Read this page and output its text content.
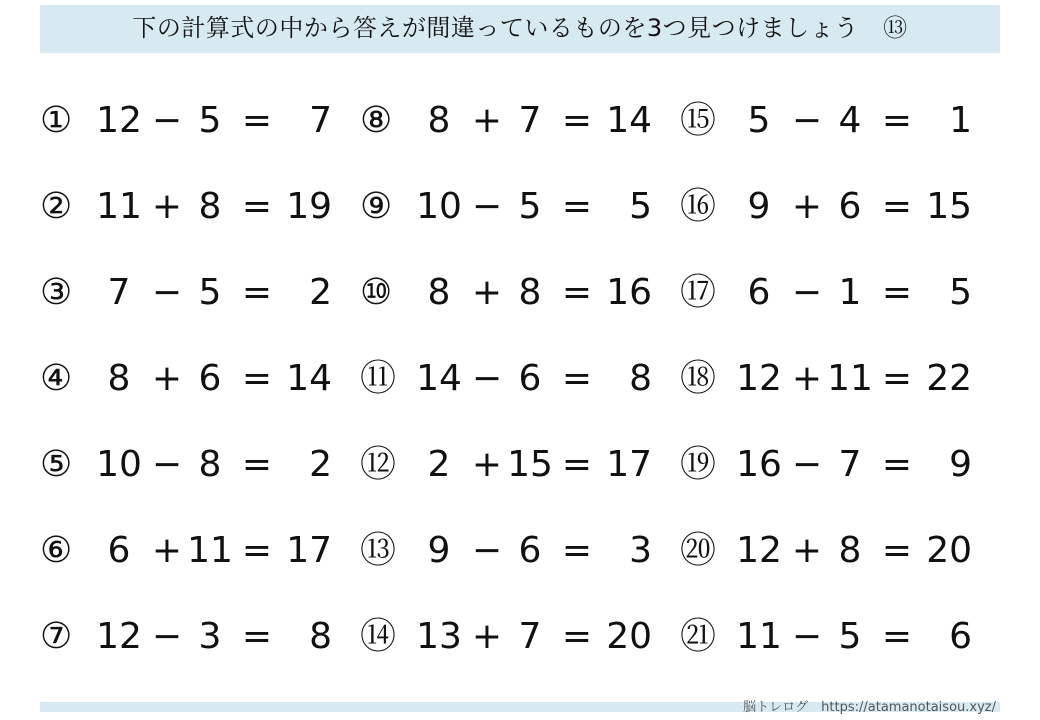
下の計算式の中から答えが間違っているものを3つ見つけましょう　⑬
① 12 − 5 =	7 ⑧ 8 + 7 = 14 ⑮ 5 − 4 =	1
② 11 + 8 = 19 ⑨ 10 − 5 =	5 ⑯ 9 + 6 = 15
③ 7 − 5 =	2 ⑩ 8 + 8 = 16 ⑰ 6 − 1 =	5
④ 8 + 6 = 14 ⑪ 14 − 6 =	8 ⑱ 12 + 11 = 22
⑤ 10 − 8 =	2 ⑫ 2 + 15 = 17 ⑲ 16 − 7 =	9
⑥ 6 + 11 = 17 ⑬ 9 − 6 =	3 ⑳ 12 + 8 = 20
⑦ 12 − 3 =	8 ⑭ 13 + 7 = 20 ㉑ 11 − 5 =	6
脳トレログ　https://atamanotaisou.xyz/
